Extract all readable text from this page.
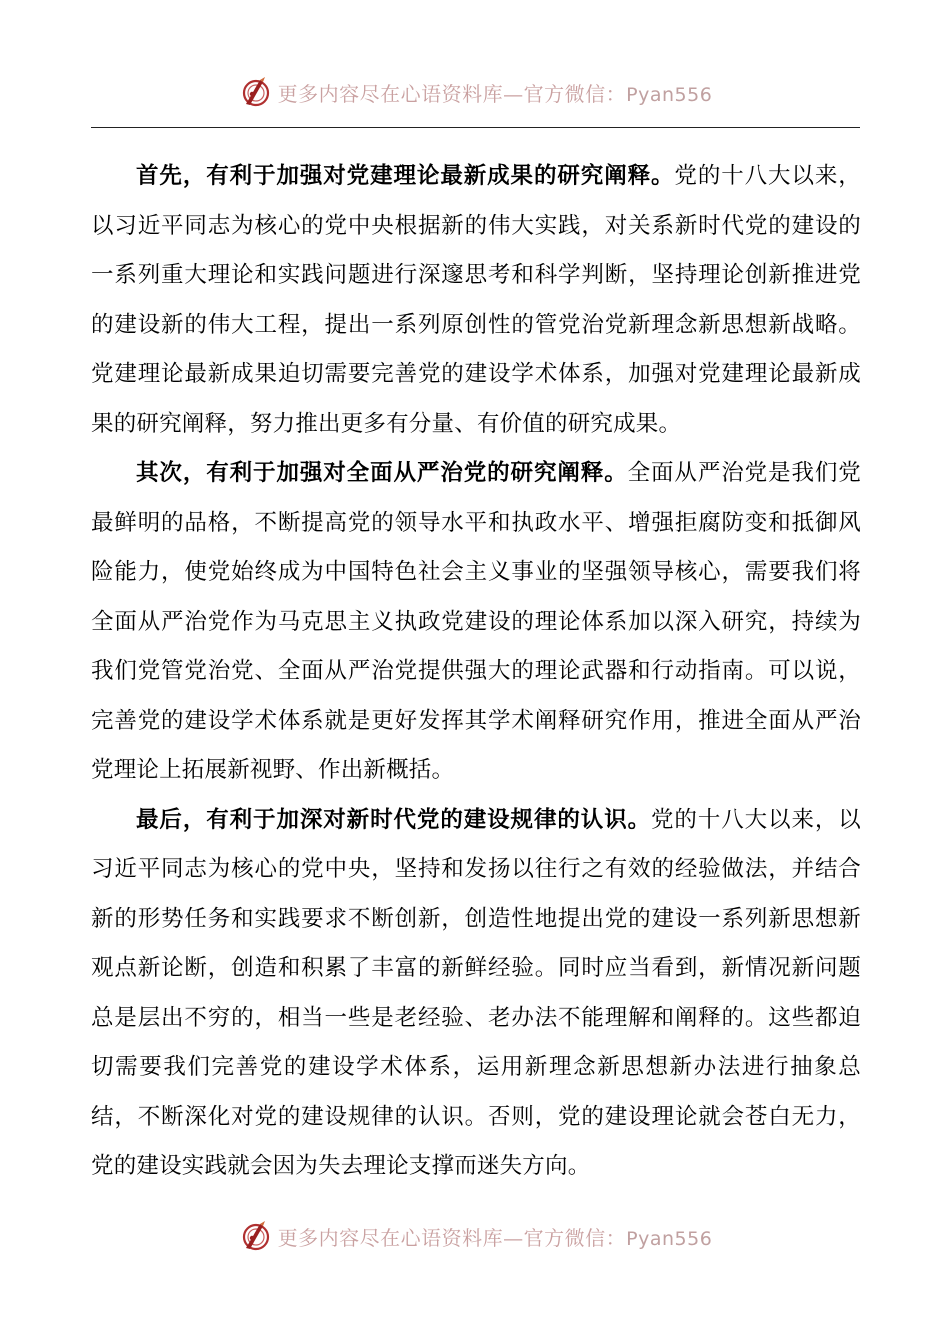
更多内容尽在心语资料库—官方微信：Pyan556

首先，有利于加强对党建理论最新成果的研究阐释。党的十八大以来，以习近平同志为核心的党中央根据新的伟大实践，对关系新时代党的建设的一系列重大理论和实践问题进行深邃思考和科学判断，坚持理论创新推进党的建设新的伟大工程，提出一系列原创性的管党治党新理念新思想新战略。党建理论最新成果迫切需要完善党的建设学术体系，加强对党建理论最新成果的研究阐释，努力推出更多有分量、有价值的研究成果。

其次，有利于加强对全面从严治党的研究阐释。全面从严治党是我们党最鲜明的品格，不断提高党的领导水平和执政水平、增强拒腐防变和抵御风险能力，使党始终成为中国特色社会主义事业的坚强领导核心，需要我们将全面从严治党作为马克思主义执政党建设的理论体系加以深入研究，持续为我们党管党治党、全面从严治党提供强大的理论武器和行动指南。可以说，完善党的建设学术体系就是更好发挥其学术阐释研究作用，推进全面从严治党理论上拓展新视野、作出新概括。

最后，有利于加深对新时代党的建设规律的认识。党的十八大以来，以习近平同志为核心的党中央，坚持和发扬以往行之有效的经验做法，并结合新的形势任务和实践要求不断创新，创造性地提出党的建设一系列新思想新观点新论断，创造和积累了丰富的新鲜经验。同时应当看到，新情况新问题总是层出不穷的，相当一些是老经验、老办法不能理解和阐释的。这些都迫切需要我们完善党的建设学术体系，运用新理念新思想新办法进行抽象总结，不断深化对党的建设规律的认识。否则，党的建设理论就会苍白无力，党的建设实践就会因为失去理论支撑而迷失方向。

更多内容尽在心语资料库—官方微信：Pyan556
